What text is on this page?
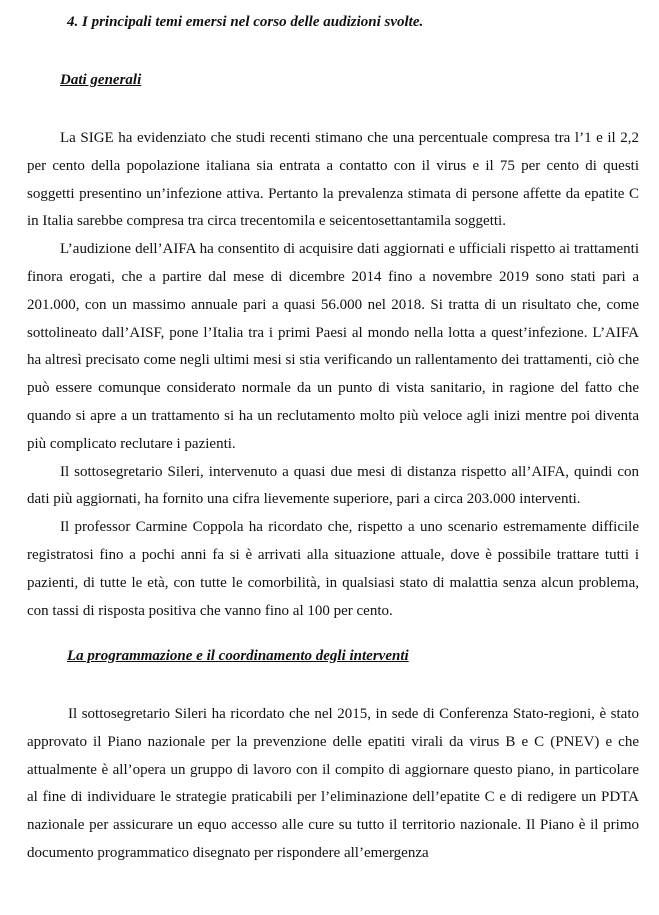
4. I principali temi emersi nel corso delle audizioni svolte.
Dati generali

La SIGE ha evidenziato che studi recenti stimano che una percentuale compresa tra l’1 e il 2,2 per cento della popolazione italiana sia entrata a contatto con il virus e il 75 per cento di questi soggetti presentino un’infezione attiva. Pertanto la prevalenza stimata di persone affette da epatite C in Italia sarebbe compresa tra circa trecentomila e seicentosettantamila soggetti.

L’audizione dell’AIFA ha consentito di acquisire dati aggiornati e ufficiali rispetto ai trattamenti finora erogati, che a partire dal mese di dicembre 2014 fino a novembre 2019 sono stati pari a 201.000, con un massimo annuale pari a quasi 56.000 nel 2018. Si tratta di un risultato che, come sottolineato dall’AISF, pone l’Italia tra i primi Paesi al mondo nella lotta a quest’infezione. L’AIFA ha altresì precisato come negli ultimi mesi si stia verificando un rallentamento dei trattamenti, ciò che può essere comunque considerato normale da un punto di vista sanitario, in ragione del fatto che quando si apre a un trattamento si ha un reclutamento molto più veloce agli inizi mentre poi diventa più complicato reclutare i pazienti.

Il sottosegretario Sileri, intervenuto a quasi due mesi di distanza rispetto all’AIFA, quindi con dati più aggiornati, ha fornito una cifra lievemente superiore, pari a circa 203.000 interventi.

Il professor Carmine Coppola ha ricordato che, rispetto a uno scenario estremamente difficile registratosi fino a pochi anni fa si è arrivati alla situazione attuale, dove è possibile trattare tutti i pazienti, di tutte le età, con tutte le comorbilità, in qualsiasi stato di malattia senza alcun problema, con tassi di risposta positiva che vanno fino al 100 per cento.

La programmazione e il coordinamento degli interventi

Il sottosegretario Sileri ha ricordato che nel 2015, in sede di Conferenza Stato-regioni, è stato approvato il Piano nazionale per la prevenzione delle epatiti virali da virus B e C (PNEV) e che attualmente è all’opera un gruppo di lavoro con il compito di aggiornare questo piano, in particolare al fine di individuare le strategie praticabili per l’eliminazione dell’epatite C e di redigere un PDTA nazionale per assicurare un equo accesso alle cure su tutto il territorio nazionale. Il Piano è il primo documento programmatico disegnato per rispondere all’emergenza
